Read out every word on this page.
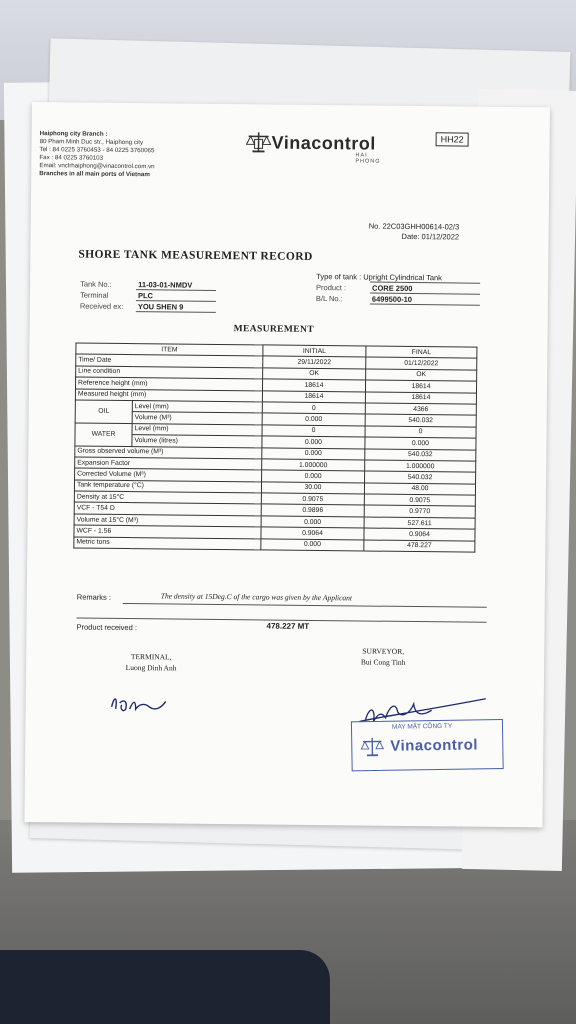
Haiphong city Branch :
80 Pham Minh Duc str., Haiphong city
Tel : 84 0225 3760453 - 84 0225 3760065
Fax : 84 0225 3760103
Email: vnclrhaiphong@vinacontrol.com.vn
Branches in all main ports of Vietnam
Vinacontrol
HAI PHONG
HH22
No. 22C03GHH00614-02/3
Date: 01/12/2022
SHORE TANK MEASUREMENT RECORD
Tank No.:	11-03-01-NMDV
Terminal	PLC
Received ex: YOU SHEN 9
Type of tank : Upright Cylindrical Tank
Product :	CORE 2500
B/L No.:	6499500-10
MEASUREMENT
ITEM		INITIAL	FINAL
Time/ Date		29/11/2022	01/12/2022
Line condition		OK	OK
Reference height (mm)		18614	18614
Measured height (mm)		18614	18614
OIL	Level (mm)	0	4366
	Volume (M³)	0.000	540.032
WATER	Level (mm)	0	0
	Volume (litres)	0.000	0.000
Gross observed volume (M³)		0.000	540.032
Expansion Factor		1.000000	1.000000
Corrected Volume (M³)		0.000	540.032
Tank temperature (°C)		30.00	48.00
Density at 15°C		0.9075	0.9075
VCF - T54 D		0.9896	0.9770
Volume at 15°C (M³)		0.000	527.611
WCF - 1.56		0.9064	0.9064
Metric tons		0.000	478.227
Remarks :	The density at 15Deg.C of the cargo was given by the Applicant
Product received :	478.227 MT
TERMINAL,
Luong Dinh Anh
SURVEYOR,
Bui Cong Tinh
MAY MẶT CÔNG TY
Vinacontrol
